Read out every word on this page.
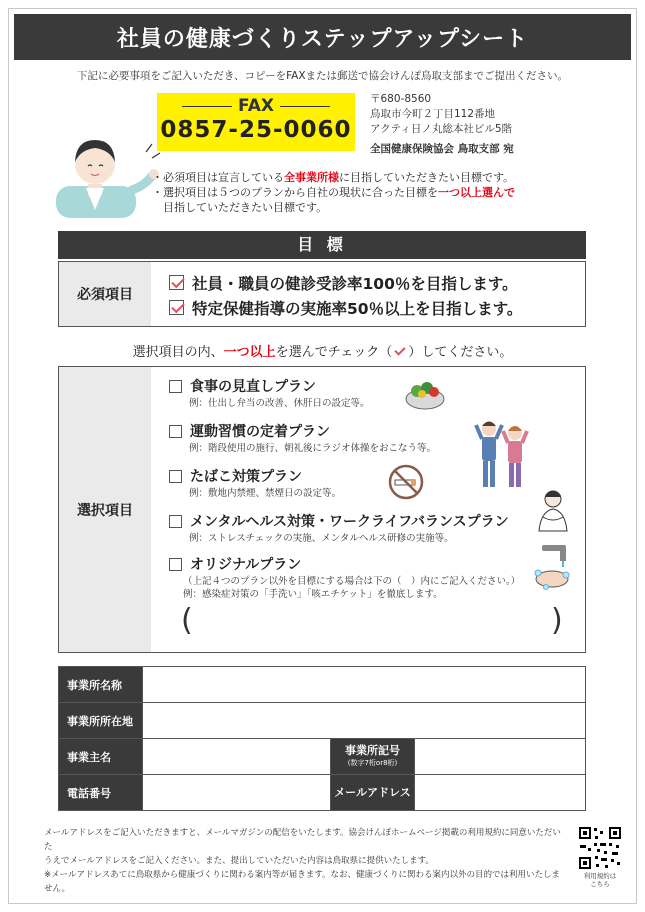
社員の健康づくりステップアップシート
下記に必要事項をご記入いただき、コピーをFAXまたは郵送で協会けんぽ鳥取支部までご提出ください。
FAX
0857-25-0060
〒680-8560
鳥取市今町２丁目112番地
アクティ日ノ丸総本社ビル5階
全国健康保険協会 鳥取支部 宛
・必須項目は宣言している全事業所様に目指していただきたい目標です。
・選択項目は５つのプランから自社の現状に合った目標を一つ以上選んで
目指していただきたい目標です。
目 標
必須項目
社員・職員の健診受診率100％を目指します。
特定保健指導の実施率50％以上を目指します。
選択項目の内、一つ以上を選んでチェック（ ）してください。
選択項目
食事の見直しプラン
例：仕出し弁当の改善、休肝日の設定等。
運動習慣の定着プラン
例：階段使用の施行、朝礼後にラジオ体操をおこなう等。
たばこ対策プラン
例：敷地内禁煙、禁煙日の設定等。
メンタルヘルス対策・ワークライフバランスプラン
例：ストレスチェックの実施、メンタルヘルス研修の実施等。
オリジナルプラン
（上記４つのプラン以外を目標にする場合は下の（　）内にご記入ください。）
例：感染症対策の「手洗い」「咳エチケット」を徹底します。
(	)
事業所名称			
事業所所在地			
事業主名		事業所記号
(数字7桁or8桁)	

電話番号		メールアドレス	
メールアドレスをご記入いただきますと、メールマガジンの配信をいたします。協会けんぽホームページ掲載の利用規約に同意いただいた
うえでメールアドレスをご記入ください。また、提出していただいた内容は鳥取県に提供いたします。
※メールアドレスあてに鳥取県から健康づくりに関わる案内等が届きます。なお、健康づくりに関わる案内以外の目的では利用いたしません。
利用規約は
こちら
